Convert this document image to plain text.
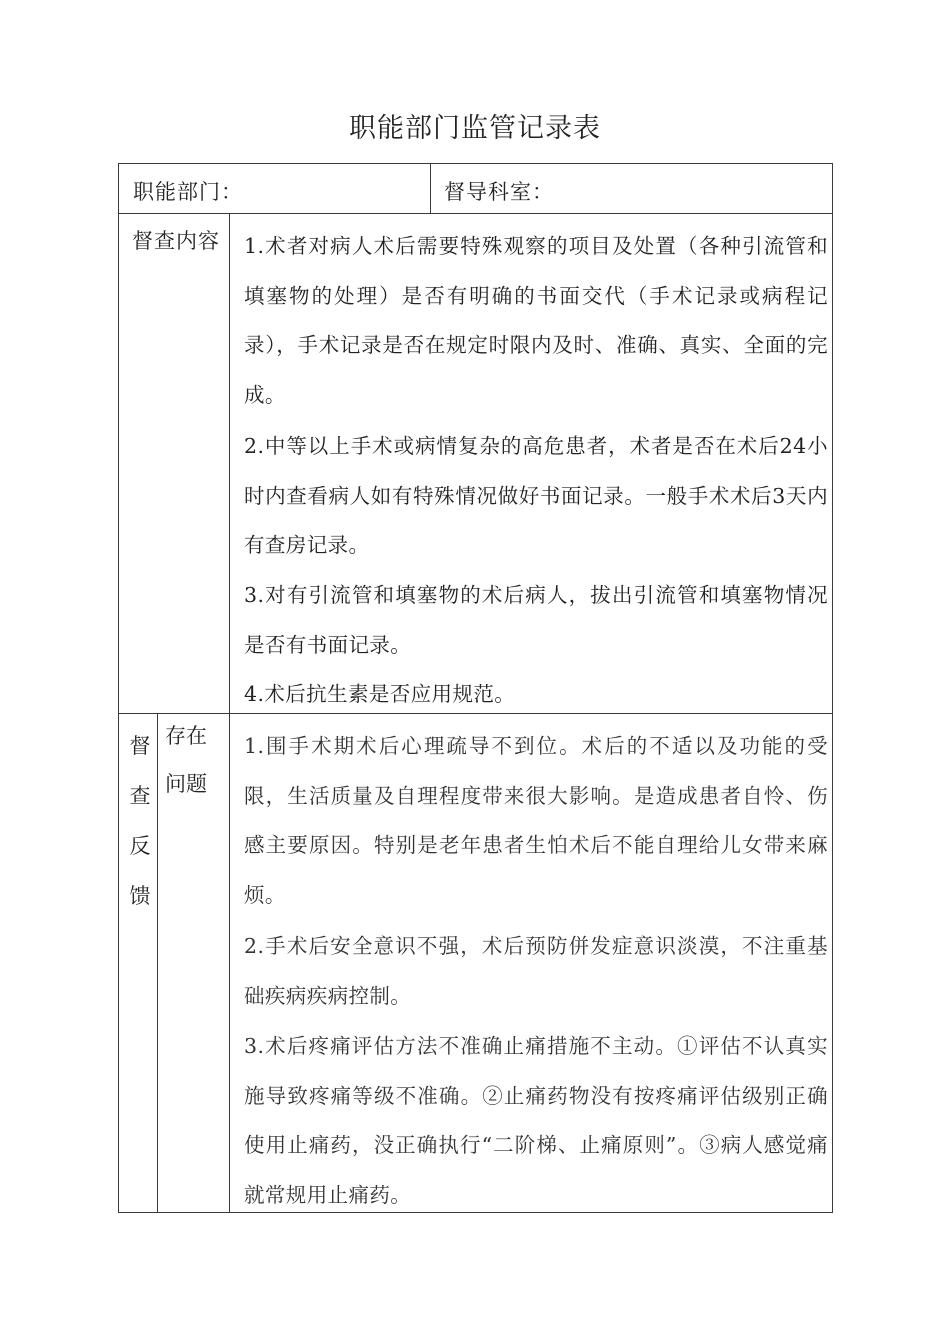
职能部门监管记录表
职能部门：	督导科室：
督查内容 1.术者对病人术后需要特殊观察的项目及处置（各种引流管和填塞物的处理）是否有明确的书面交代（手术记录或病程记录），手术记录是否在规定时限内及时、准确、真实、全面的完成。
2.中等以上手术或病情复杂的高危患者，术者是否在术后24小时内查看病人如有特殊情况做好书面记录。一般手术术后3天内有查房记录。
3.对有引流管和填塞物的术后病人，拔出引流管和填塞物情况是否有书面记录。
4.术后抗生素是否应用规范。
督
查
反
馈
存在
问题
1.围手术期术后心理疏导不到位。术后的不适以及功能的受限，生活质量及自理程度带来很大影响。是造成患者自怜、伤感主要原因。特别是老年患者生怕术后不能自理给儿女带来麻烦。
2.手术后安全意识不强，术后预防併发症意识淡漠，不注重基础疾病疾病控制。
3.术后疼痛评估方法不准确止痛措施不主动。①评估不认真实施导致疼痛等级不准确。②止痛药物没有按疼痛评估级别正确使用止痛药，没正确执行“二阶梯、止痛原则”。③病人感觉痛就常规用止痛药。
